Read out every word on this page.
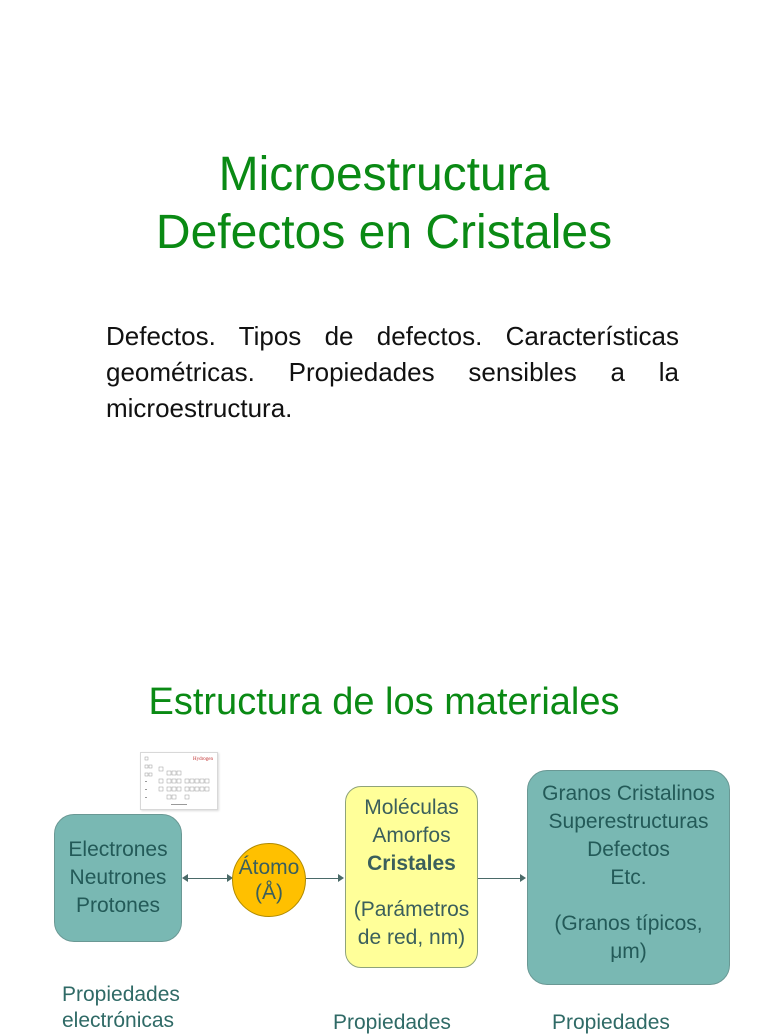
Microestructura
Defectos en Cristales
Defectos. Tipos de defectos. Características geométricas. Propiedades sensibles a la microestructura.
Estructura de los materiales
Hydrogen
Electrones
Neutrones
Protones
Átomo
(Å)
Moléculas
Amorfos
Cristales
(Parámetros
de red, nm)
Granos Cristalinos
Superestructuras
Defectos
Etc.
(Granos típicos,
μm)
Propiedades
electrónicas	Propiedades	Propiedades
